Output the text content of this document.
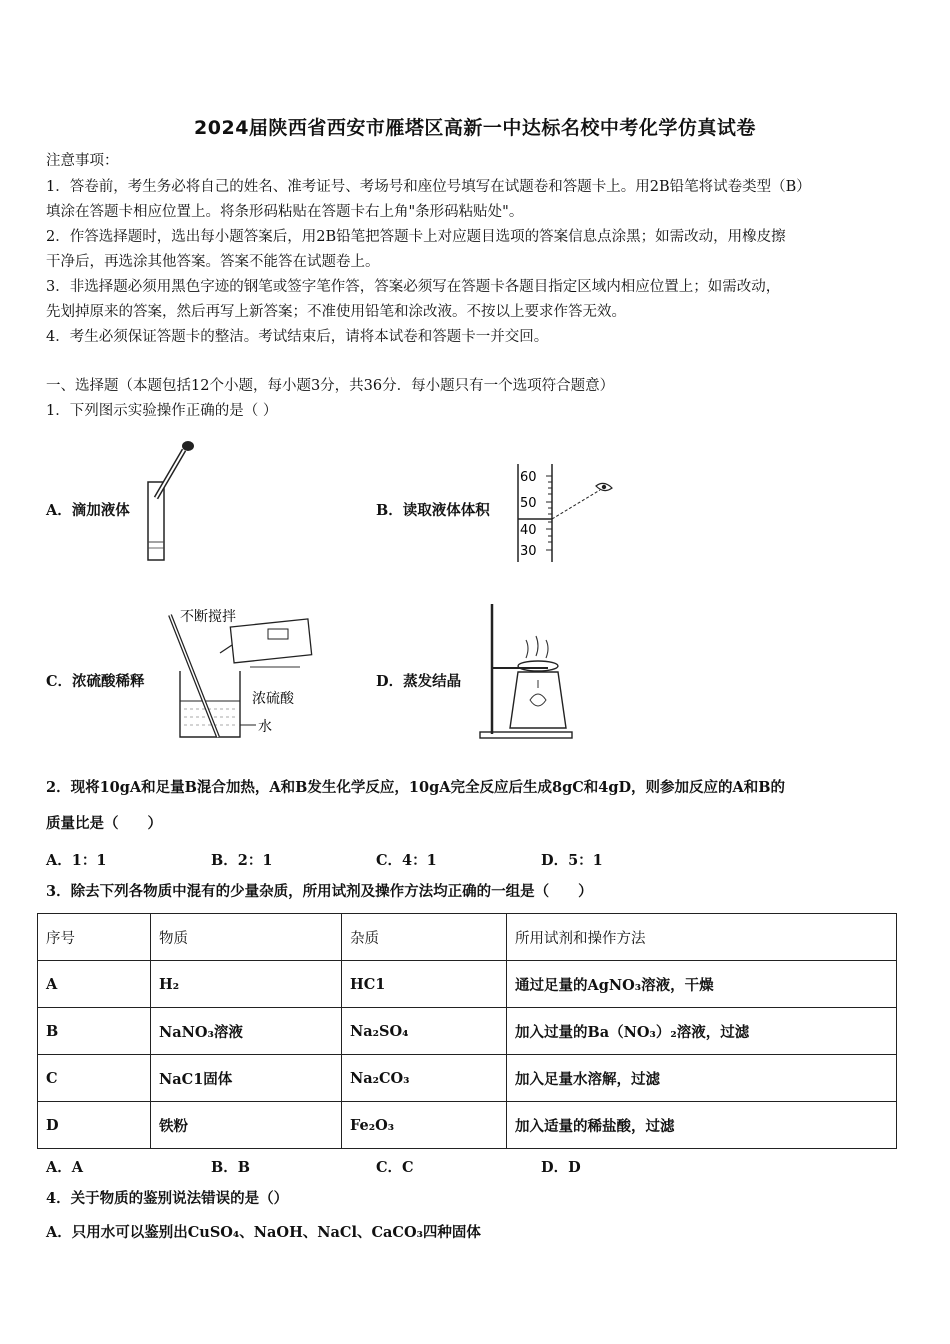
2024届陕西省西安市雁塔区高新一中达标名校中考化学仿真试卷
注意事项：
1．答卷前，考生务必将自己的姓名、准考证号、考场号和座位号填写在试题卷和答题卡上。用2B铅笔将试卷类型（B）
填涂在答题卡相应位置上。将条形码粘贴在答题卡右上角"条形码粘贴处"。
2．作答选择题时，选出每小题答案后，用2B铅笔把答题卡上对应题目选项的答案信息点涂黑；如需改动，用橡皮擦
干净后，再选涂其他答案。答案不能答在试题卷上。
3．非选择题必须用黑色字迹的钢笔或签字笔作答，答案必须写在答题卡各题目指定区域内相应位置上；如需改动，
先划掉原来的答案，然后再写上新答案；不准使用铅笔和涂改液。不按以上要求作答无效。
4．考生必须保证答题卡的整洁。考试结束后，请将本试卷和答题卡一并交回。
一、选择题（本题包括12个小题，每小题3分，共36分．每小题只有一个选项符合题意）
1．下列图示实验操作正确的是（ ）
A．滴加液体	B．读取液体体积
C．浓硫酸稀释	D．蒸发结晶
60
50
40
30
不断搅拌
浓硫酸
水
2．现将10gA和足量B混合加热，A和B发生化学反应，10gA完全反应后生成8gC和4gD，则参加反应的A和B的
质量比是（　　）
A．1：1	B．2：1	C．4：1	D．5：1
3．除去下列各物质中混有的少量杂质，所用试剂及操作方法均正确的一组是（　　）
序号	物质	杂质	所用试剂和操作方法
A	H₂	HC1	通过足量的AgNO₃溶液，干燥
B	NaNO₃溶液	Na₂SO₄	加入过量的Ba（NO₃）₂溶液，过滤
C	NaC1固体	Na₂CO₃	加入足量水溶解，过滤
D	铁粉	Fe₂O₃	加入适量的稀盐酸，过滤
A．A	B．B	C．C	D．D
4．关于物质的鉴别说法错误的是（）
A．只用水可以鉴别出CuSO₄、NaOH、NaCl、CaCO₃四种固体
